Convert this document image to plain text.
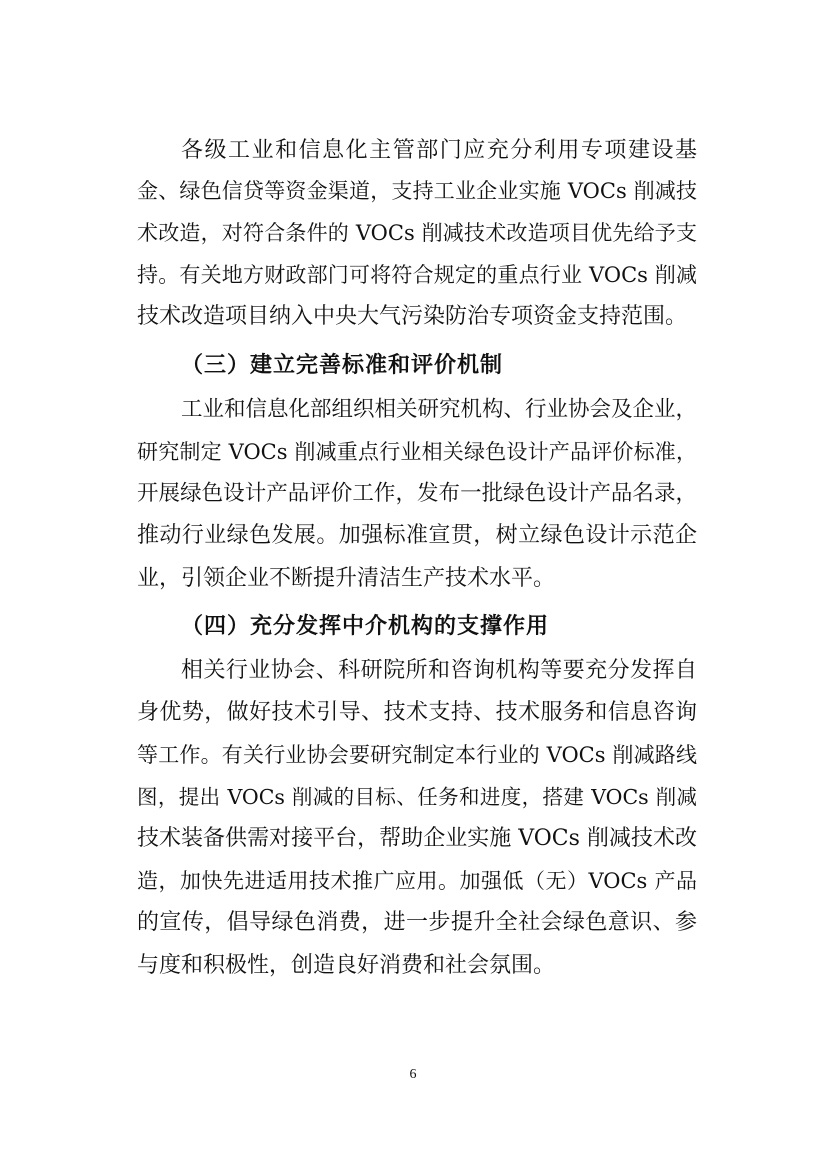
各级工业和信息化主管部门应充分利用专项建设基
金、绿色信贷等资金渠道，支持工业企业实施 VOCs 削减技
术改造，对符合条件的 VOCs 削减技术改造项目优先给予支
持。有关地方财政部门可将符合规定的重点行业 VOCs 削减
技术改造项目纳入中央大气污染防治专项资金支持范围。
（三）建立完善标准和评价机制
工业和信息化部组织相关研究机构、行业协会及企业，
研究制定 VOCs 削减重点行业相关绿色设计产品评价标准，
开展绿色设计产品评价工作，发布一批绿色设计产品名录，
推动行业绿色发展。加强标准宣贯，树立绿色设计示范企
业，引领企业不断提升清洁生产技术水平。
（四）充分发挥中介机构的支撑作用
相关行业协会、科研院所和咨询机构等要充分发挥自
身优势，做好技术引导、技术支持、技术服务和信息咨询
等工作。有关行业协会要研究制定本行业的 VOCs 削减路线
图，提出 VOCs 削减的目标、任务和进度，搭建 VOCs 削减
技术装备供需对接平台，帮助企业实施 VOCs 削减技术改
造，加快先进适用技术推广应用。加强低（无）VOCs 产品
的宣传，倡导绿色消费，进一步提升全社会绿色意识、参
与度和积极性，创造良好消费和社会氛围。
6
